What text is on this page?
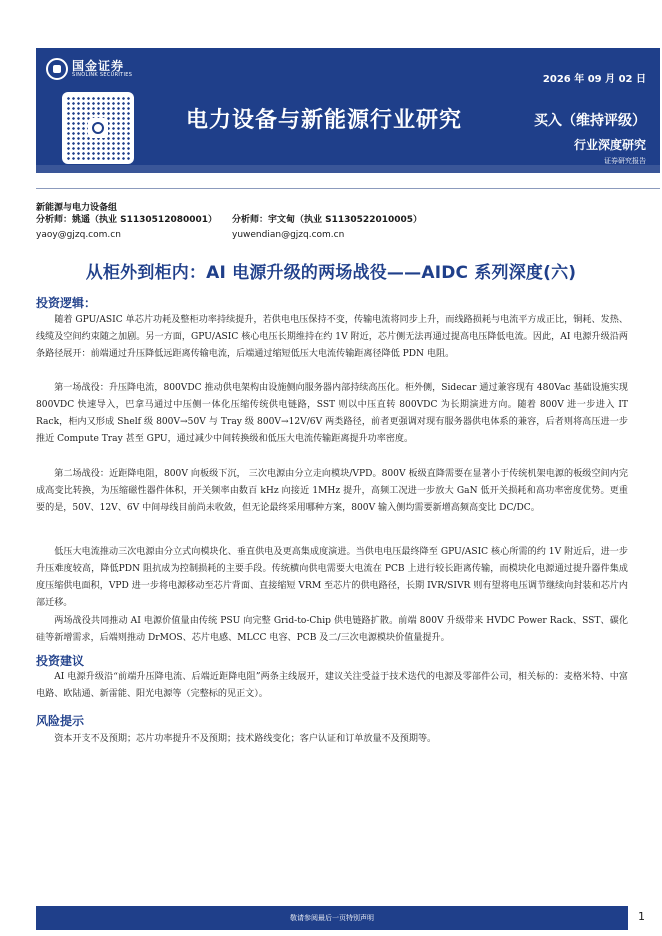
国金证券
SINOLINK SECURITIES	2026 年 09 月 02 日
电力设备与新能源行业研究	买入（维持评级）
行业深度研究
证券研究报告
新能源与电力设备组
分析师：姚遥（执业 S1130512080001）
yaoy@gjzq.com.cn
分析师：宇文甸（执业 S1130522010005）
yuwendian@gjzq.com.cn
从柜外到柜内：AI 电源升级的两场战役——AIDC 系列深度(六)
投资逻辑：

随着 GPU/ASIC 单芯片功耗及整柜功率持续提升，若供电电压保持不变，传输电流将同步上升，而线路损耗与电流平方成正比，铜耗、发热、线缆及空间约束随之加剧。另一方面，GPU/ASIC 核心电压长期维持在约 1V 附近，芯片侧无法再通过提高电压降低电流。因此，AI 电源升级沿两条路径展开：前端通过升压降低远距离传输电流，后端通过缩短低压大电流传输距离径降低 PDN 电阻。

第一场战役：升压降电流，800VDC 推动供电架构由设施侧向服务器内部持续高压化。柜外侧，Sidecar 通过兼容现有 480Vac 基础设施实现 800VDC 快速导入，巴拿马通过中压侧一体化压缩传统供电链路，SST 则以中压直转 800VDC 为长期演进方向。随着 800V 进一步进入 IT Rack，柜内又形成 Shelf 级 800V→50V 与 Tray 级 800V→12V/6V 两类路径，前者更强调对现有服务器供电体系的兼容，后者则将高压进一步推近 Compute Tray 甚至 GPU，通过减少中间转换级和低压大电流传输距离提升功率密度。

第二场战役：近距降电阻，800V 向板级下沉， 三次电源由分立走向模块/VPD。800V 板级直降需要在显著小于传统机架电源的板级空间内完成高变比转换，为压缩磁性器件体积，开关频率由数百 kHz 向接近 1MHz 提升，高频工况进一步放大 GaN 低开关损耗和高功率密度优势。更重要的是，50V、12V、6V 中间母线目前尚未收敛，但无论最终采用哪种方案，800V 输入侧均需要新增高频高变比 DC/DC。

低压大电流推动三次电源由分立式向模块化、垂直供电及更高集成度演进。当供电电压最终降至 GPU/ASIC 核心所需的约 1V 附近后，进一步升压难度较高，降低PDN 阻抗成为控制损耗的主要手段。传统横向供电需要大电流在 PCB 上进行较长距离传输，而模块化电源通过提升器件集成度压缩供电面积，VPD 进一步将电源移动至芯片背面、直接缩短 VRM 至芯片的供电路径，长期 IVR/SIVR 则有望将电压调节继续向封装和芯片内部迁移。

两场战役共同推动 AI 电源价值量由传统 PSU 向完整 Grid-to-Chip 供电链路扩散。前端 800V 升级带来 HVDC Power Rack、SST、碳化硅等新增需求，后端则推动 DrMOS、芯片电感、MLCC 电容、PCB 及二/三次电源模块价值量提升。

投资建议

AI 电源升级沿“前端升压降电流、后端近距降电阻”两条主线展开，建议关注受益于技术迭代的电源及零部件公司，相关标的：麦格米特、中富电路、欧陆通、新雷能、阳光电源等（完整标的见正文）。

风险提示

资本开支不及预期；芯片功率提升不及预期；技术路线变化；客户认证和订单放量不及预期等。

敬请参阅最后一页特别声明	1
